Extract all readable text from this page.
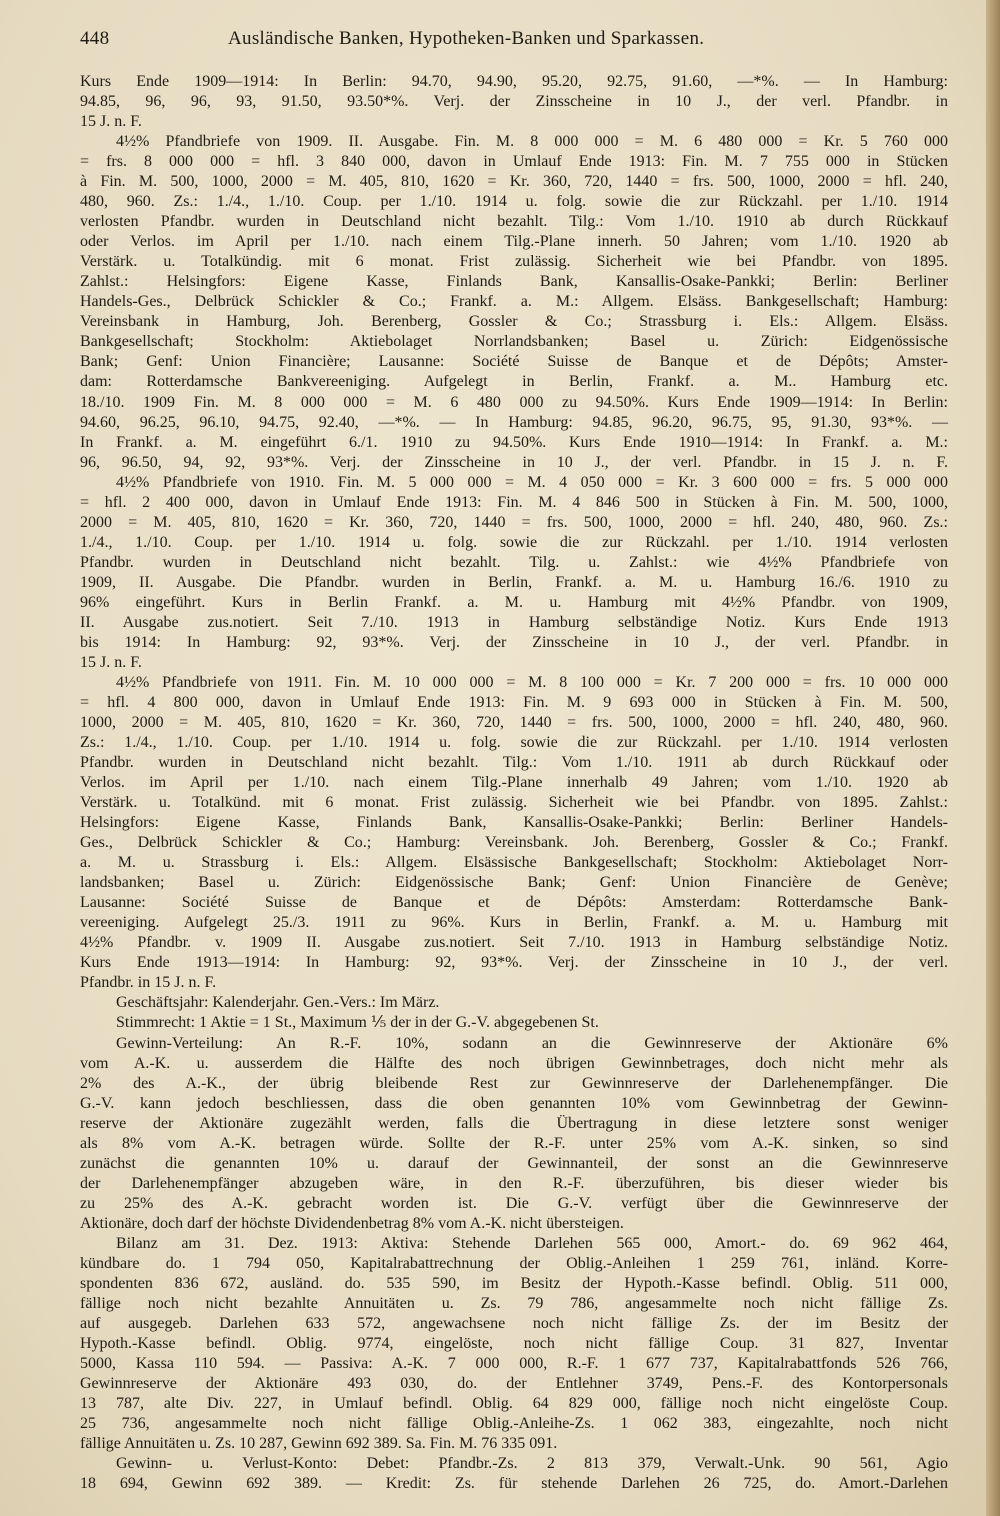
448	Ausländische Banken, Hypotheken-Banken und Sparkassen.
Kurs Ende 1909—1914: In Berlin: 94.70, 94.90, 95.20, 92.75, 91.60, —*%. — In Hamburg:
94.85, 96, 96, 93, 91.50, 93.50*%. Verj. der Zinsscheine in 10 J., der verl. Pfandbr. in
15 J. n. F.
4½% Pfandbriefe von 1909. II. Ausgabe. Fin. M. 8 000 000 = M. 6 480 000 = Kr. 5 760 000
= frs. 8 000 000 = hfl. 3 840 000, davon in Umlauf Ende 1913: Fin. M. 7 755 000 in Stücken
à Fin. M. 500, 1000, 2000 = M. 405, 810, 1620 = Kr. 360, 720, 1440 = frs. 500, 1000, 2000 = hfl. 240,
480, 960. Zs.: 1./4., 1./10. Coup. per 1./10. 1914 u. folg. sowie die zur Rückzahl. per 1./10. 1914
verlosten Pfandbr. wurden in Deutschland nicht bezahlt. Tilg.: Vom 1./10. 1910 ab durch Rückkauf
oder Verlos. im April per 1./10. nach einem Tilg.-Plane innerh. 50 Jahren; vom 1./10. 1920 ab
Verstärk. u. Totalkündig. mit 6 monat. Frist zulässig. Sicherheit wie bei Pfandbr. von 1895.
Zahlst.: Helsingfors: Eigene Kasse, Finlands Bank, Kansallis-Osake-Pankki; Berlin: Berliner
Handels-Ges., Delbrück Schickler & Co.; Frankf. a. M.: Allgem. Elsäss. Bankgesellschaft; Hamburg:
Vereinsbank in Hamburg, Joh. Berenberg, Gossler & Co.; Strassburg i. Els.: Allgem. Elsäss.
Bankgesellschaft; Stockholm: Aktiebolaget Norrlandsbanken; Basel u. Zürich: Eidgenössische
Bank; Genf: Union Financière; Lausanne: Société Suisse de Banque et de Dépôts; Amster-
dam: Rotterdamsche Bankvereeniging. Aufgelegt in Berlin, Frankf. a. M.. Hamburg etc.
18./10. 1909 Fin. M. 8 000 000 = M. 6 480 000 zu 94.50%. Kurs Ende 1909—1914: In Berlin:
94.60, 96.25, 96.10, 94.75, 92.40, —*%. — In Hamburg: 94.85, 96.20, 96.75, 95, 91.30, 93*%. —
In Frankf. a. M. eingeführt 6./1. 1910 zu 94.50%. Kurs Ende 1910—1914: In Frankf. a. M.:
96, 96.50, 94, 92, 93*%. Verj. der Zinsscheine in 10 J., der verl. Pfandbr. in 15 J. n. F.
4½% Pfandbriefe von 1910. Fin. M. 5 000 000 = M. 4 050 000 = Kr. 3 600 000 = frs. 5 000 000
= hfl. 2 400 000, davon in Umlauf Ende 1913: Fin. M. 4 846 500 in Stücken à Fin. M. 500, 1000,
2000 = M. 405, 810, 1620 = Kr. 360, 720, 1440 = frs. 500, 1000, 2000 = hfl. 240, 480, 960. Zs.:
1./4., 1./10. Coup. per 1./10. 1914 u. folg. sowie die zur Rückzahl. per 1./10. 1914 verlosten
Pfandbr. wurden in Deutschland nicht bezahlt. Tilg. u. Zahlst.: wie 4½% Pfandbriefe von
1909, II. Ausgabe. Die Pfandbr. wurden in Berlin, Frankf. a. M. u. Hamburg 16./6. 1910 zu
96% eingeführt. Kurs in Berlin Frankf. a. M. u. Hamburg mit 4½% Pfandbr. von 1909,
II. Ausgabe zus.notiert. Seit 7./10. 1913 in Hamburg selbständige Notiz. Kurs Ende 1913
bis 1914: In Hamburg: 92, 93*%. Verj. der Zinsscheine in 10 J., der verl. Pfandbr. in
15 J. n. F.
4½% Pfandbriefe von 1911. Fin. M. 10 000 000 = M. 8 100 000 = Kr. 7 200 000 = frs. 10 000 000
= hfl. 4 800 000, davon in Umlauf Ende 1913: Fin. M. 9 693 000 in Stücken à Fin. M. 500,
1000, 2000 = M. 405, 810, 1620 = Kr. 360, 720, 1440 = frs. 500, 1000, 2000 = hfl. 240, 480, 960.
Zs.: 1./4., 1./10. Coup. per 1./10. 1914 u. folg. sowie die zur Rückzahl. per 1./10. 1914 verlosten
Pfandbr. wurden in Deutschland nicht bezahlt. Tilg.: Vom 1./10. 1911 ab durch Rückkauf oder
Verlos. im April per 1./10. nach einem Tilg.-Plane innerhalb 49 Jahren; vom 1./10. 1920 ab
Verstärk. u. Totalkünd. mit 6 monat. Frist zulässig. Sicherheit wie bei Pfandbr. von 1895. Zahlst.:
Helsingfors: Eigene Kasse, Finlands Bank, Kansallis-Osake-Pankki; Berlin: Berliner Handels-
Ges., Delbrück Schickler & Co.; Hamburg: Vereinsbank. Joh. Berenberg, Gossler & Co.; Frankf.
a. M. u. Strassburg i. Els.: Allgem. Elsässische Bankgesellschaft; Stockholm: Aktiebolaget Norr-
landsbanken; Basel u. Zürich: Eidgenössische Bank; Genf: Union Financière de Genève;
Lausanne: Société Suisse de Banque et de Dépôts: Amsterdam: Rotterdamsche Bank-
vereeniging. Aufgelegt 25./3. 1911 zu 96%. Kurs in Berlin, Frankf. a. M. u. Hamburg mit
4½% Pfandbr. v. 1909 II. Ausgabe zus.notiert. Seit 7./10. 1913 in Hamburg selbständige Notiz.
Kurs Ende 1913—1914: In Hamburg: 92, 93*%. Verj. der Zinsscheine in 10 J., der verl.
Pfandbr. in 15 J. n. F.
Geschäftsjahr: Kalenderjahr. Gen.-Vers.: Im März.
Stimmrecht: 1 Aktie = 1 St., Maximum ⅕ der in der G.-V. abgegebenen St.
Gewinn-Verteilung: An R.-F. 10%, sodann an die Gewinnreserve der Aktionäre 6%
vom A.-K. u. ausserdem die Hälfte des noch übrigen Gewinnbetrages, doch nicht mehr als
2% des A.-K., der übrig bleibende Rest zur Gewinnreserve der Darlehenempfänger. Die
G.-V. kann jedoch beschliessen, dass die oben genannten 10% vom Gewinnbetrag der Gewinn-
reserve der Aktionäre zugezählt werden, falls die Übertragung in diese letztere sonst weniger
als 8% vom A.-K. betragen würde. Sollte der R.-F. unter 25% vom A.-K. sinken, so sind
zunächst die genannten 10% u. darauf der Gewinnanteil, der sonst an die Gewinnreserve
der Darlehenempfänger abzugeben wäre, in den R.-F. überzuführen, bis dieser wieder bis
zu 25% des A.-K. gebracht worden ist. Die G.-V. verfügt über die Gewinnreserve der
Aktionäre, doch darf der höchste Dividendenbetrag 8% vom A.-K. nicht übersteigen.
Bilanz am 31. Dez. 1913: Aktiva: Stehende Darlehen 565 000, Amort.- do. 69 962 464,
kündbare do. 1 794 050, Kapitalrabattrechnung der Oblig.-Anleihen 1 259 761, inländ. Korre-
spondenten 836 672, ausländ. do. 535 590, im Besitz der Hypoth.-Kasse befindl. Oblig. 511 000,
fällige noch nicht bezahlte Annuitäten u. Zs. 79 786, angesammelte noch nicht fällige Zs.
auf ausgegeb. Darlehen 633 572, angewachsene noch nicht fällige Zs. der im Besitz der
Hypoth.-Kasse befindl. Oblig. 9774, eingelöste, noch nicht fällige Coup. 31 827, Inventar
5000, Kassa 110 594. — Passiva: A.-K. 7 000 000, R.-F. 1 677 737, Kapitalrabattfonds 526 766,
Gewinnreserve der Aktionäre 493 030, do. der Entlehner 3749, Pens.-F. des Kontorpersonals
13 787, alte Div. 227, in Umlauf befindl. Oblig. 64 829 000, fällige noch nicht eingelöste Coup.
25 736, angesammelte noch nicht fällige Oblig.-Anleihe-Zs. 1 062 383, eingezahlte, noch nicht
fällige Annuitäten u. Zs. 10 287, Gewinn 692 389. Sa. Fin. M. 76 335 091.
Gewinn- u. Verlust-Konto: Debet: Pfandbr.-Zs. 2 813 379, Verwalt.-Unk. 90 561, Agio
18 694, Gewinn 692 389. — Kredit: Zs. für stehende Darlehen 26 725, do. Amort.-Darlehen
